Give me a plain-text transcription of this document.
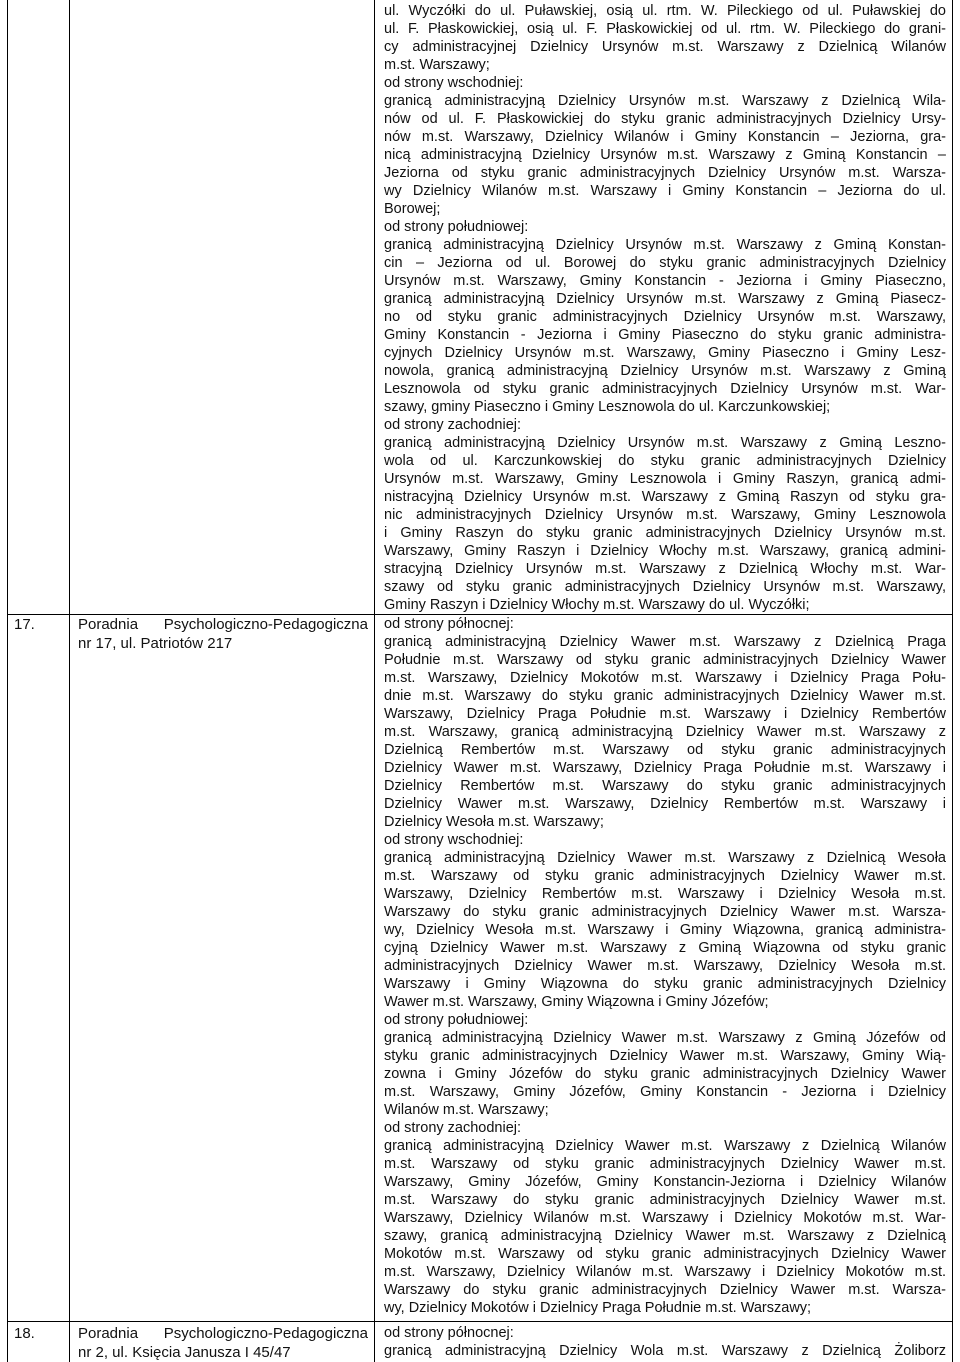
ul. Wyczółki do ul. Puławskiej, osią ul. rtm. W. Pileckiego od ul. Puławskiej do
ul. F. Płaskowickiej, osią ul. F. Płaskowickiej od ul. rtm. W. Pileckiego do grani-
cy administracyjnej Dzielnicy Ursynów m.st. Warszawy z Dzielnicą Wilanów
m.st. Warszawy;
od strony wschodniej:
granicą administracyjną Dzielnicy Ursynów m.st. Warszawy z Dzielnicą Wila-
nów od ul. F. Płaskowickiej do styku granic administracyjnych Dzielnicy Ursy-
nów m.st. Warszawy, Dzielnicy Wilanów i Gminy Konstancin – Jeziorna, gra-
nicą administracyjną Dzielnicy Ursynów m.st. Warszawy z Gminą Konstancin –
Jeziorna od styku granic administracyjnych Dzielnicy Ursynów m.st. Warsza-
wy Dzielnicy Wilanów m.st. Warszawy i Gminy Konstancin – Jeziorna do ul.
Borowej;
od strony południowej:
granicą administracyjną Dzielnicy Ursynów m.st. Warszawy z Gminą Konstan-
cin – Jeziorna od ul. Borowej do styku granic administracyjnych Dzielnicy
Ursynów m.st. Warszawy, Gminy Konstancin - Jeziorna i Gminy Piaseczno,
granicą administracyjną Dzielnicy Ursynów m.st. Warszawy z Gminą Piasecz-
no od styku granic administracyjnych Dzielnicy Ursynów m.st. Warszawy,
Gminy Konstancin - Jeziorna i Gminy Piaseczno do styku granic administra-
cyjnych Dzielnicy Ursynów m.st. Warszawy, Gminy Piaseczno i Gminy Lesz-
nowola, granicą administracyjną Dzielnicy Ursynów m.st. Warszawy z Gminą
Lesznowola od styku granic administracyjnych Dzielnicy Ursynów m.st. War-
szawy, gminy Piaseczno i Gminy Lesznowola do ul. Karczunkowskiej;
od strony zachodniej:
granicą administracyjną Dzielnicy Ursynów m.st. Warszawy z Gminą Leszno-
wola od ul. Karczunkowskiej do styku granic administracyjnych Dzielnicy
Ursynów m.st. Warszawy, Gminy Lesznowola i Gminy Raszyn, granicą admi-
nistracyjną Dzielnicy Ursynów m.st. Warszawy z Gminą Raszyn od styku gra-
nic administracyjnych Dzielnicy Ursynów m.st. Warszawy, Gminy Lesznowola
i Gminy Raszyn do styku granic administracyjnych Dzielnicy Ursynów m.st.
Warszawy, Gminy Raszyn i Dzielnicy Włochy m.st. Warszawy, granicą admini-
stracyjną Dzielnicy Ursynów m.st. Warszawy z Dzielnicą Włochy m.st. War-
szawy od styku granic administracyjnych Dzielnicy Ursynów m.st. Warszawy,
Gminy Raszyn i Dzielnicy Włochy m.st. Warszawy do ul. Wyczółki;
17.	Poradnia Psychologiczno-Pedagogiczna
nr 17, ul. Patriotów 217
od strony północnej:
granicą administracyjną Dzielnicy Wawer m.st. Warszawy z Dzielnicą Praga
Południe m.st. Warszawy od styku granic administracyjnych Dzielnicy Wawer
m.st. Warszawy, Dzielnicy Mokotów m.st. Warszawy i Dzielnicy Praga Połu-
dnie m.st. Warszawy do styku granic administracyjnych Dzielnicy Wawer m.st.
Warszawy, Dzielnicy Praga Południe m.st. Warszawy i Dzielnicy Rembertów
m.st. Warszawy, granicą administracyjną Dzielnicy Wawer m.st. Warszawy z
Dzielnicą Rembertów m.st. Warszawy od styku granic administracyjnych
Dzielnicy Wawer m.st. Warszawy, Dzielnicy Praga Południe m.st. Warszawy i
Dzielnicy Rembertów m.st. Warszawy do styku granic administracyjnych
Dzielnicy Wawer m.st. Warszawy, Dzielnicy Rembertów m.st. Warszawy i
Dzielnicy Wesoła m.st. Warszawy;
od strony wschodniej:
granicą administracyjną Dzielnicy Wawer m.st. Warszawy z Dzielnicą Wesoła
m.st. Warszawy od styku granic administracyjnych Dzielnicy Wawer m.st.
Warszawy, Dzielnicy Rembertów m.st. Warszawy i Dzielnicy Wesoła m.st.
Warszawy do styku granic administracyjnych Dzielnicy Wawer m.st. Warsza-
wy, Dzielnicy Wesoła m.st. Warszawy i Gminy Wiązowna, granicą administra-
cyjną Dzielnicy Wawer m.st. Warszawy z Gminą Wiązowna od styku granic
administracyjnych Dzielnicy Wawer m.st. Warszawy, Dzielnicy Wesoła m.st.
Warszawy i Gminy Wiązowna do styku granic administracyjnych Dzielnicy
Wawer m.st. Warszawy, Gminy Wiązowna i Gminy Józefów;
od strony południowej:
granicą administracyjną Dzielnicy Wawer m.st. Warszawy z Gminą Józefów od
styku granic administracyjnych Dzielnicy Wawer m.st. Warszawy, Gminy Wią-
zowna i Gminy Józefów do styku granic administracyjnych Dzielnicy Wawer
m.st. Warszawy, Gminy Józefów, Gminy Konstancin - Jeziorna i Dzielnicy
Wilanów m.st. Warszawy;
od strony zachodniej:
granicą administracyjną Dzielnicy Wawer m.st. Warszawy z Dzielnicą Wilanów
m.st. Warszawy od styku granic administracyjnych Dzielnicy Wawer m.st.
Warszawy, Gminy Józefów, Gminy Konstancin-Jeziorna i Dzielnicy Wilanów
m.st. Warszawy do styku granic administracyjnych Dzielnicy Wawer m.st.
Warszawy, Dzielnicy Wilanów m.st. Warszawy i Dzielnicy Mokotów m.st. War-
szawy, granicą administracyjną Dzielnicy Wawer m.st. Warszawy z Dzielnicą
Mokotów m.st. Warszawy od styku granic administracyjnych Dzielnicy Wawer
m.st. Warszawy, Dzielnicy Wilanów m.st. Warszawy i Dzielnicy Mokotów m.st.
Warszawy do styku granic administracyjnych Dzielnicy Wawer m.st. Warsza-
wy, Dzielnicy Mokotów i Dzielnicy Praga Południe m.st. Warszawy;
18.	Poradnia Psychologiczno-Pedagogiczna
nr 2, ul. Księcia Janusza I 45/47
od strony północnej:
granicą administracyjną Dzielnicy Wola m.st. Warszawy z Dzielnicą Żoliborz
